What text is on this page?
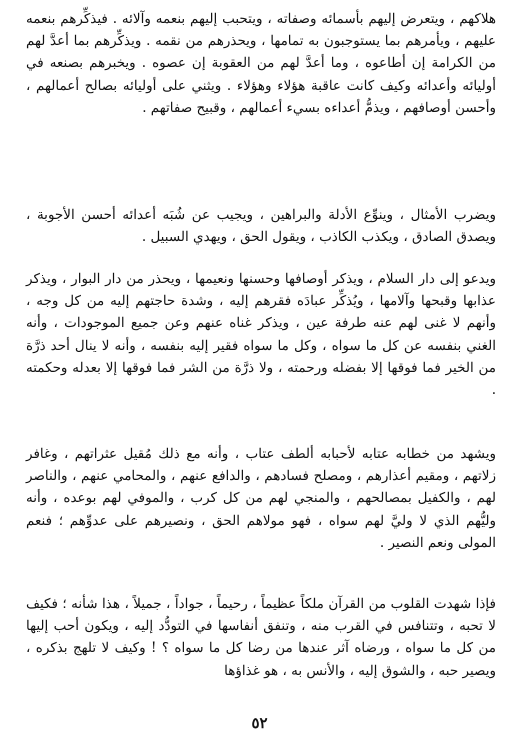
هلاكهم ، ويتعرض إليهم بأسمائه وصفاته ، ويتحبب إليهم بنعمه وآلائه . فيذكِّرهم بنعمه عليهم ، ويأمرهم بما يستوجبون به تمامها ، ويحذرهم من نقمه . ويذكِّرهم بما أعدَّ لهم من الكرامة إن أطاعوه ، وما أعدَّ لهم من العقوبة إن عصوه . ويخبرهم بصنعه في أوليائه وأعدائه وكيف كانت عاقبة هؤلاء وهؤلاء . ويثني على أوليائه بصالح أعمالهم ، وأحسن أوصافهم ، ويذمُّ أعداءه بسيء أعمالهم ، وقبيح صفاتهم .

ويضرب الأمثال ، وينوِّع الأدلة والبراهين ، ويجيب عن شُبَه أعدائه أحسن الأجوبة ، ويصدق الصادق ، ويكذب الكاذب ، ويقول الحق ، ويهدي السبيل .

ويدعو إلى دار السلام ، ويذكر أوصافها وحسنها ونعيمها ، ويحذر من دار البوار ، ويذكر عذابها وقبحها وآلامها ، ويُذكِّر عبادَه فقرهم إليه ، وشدة حاجتهم إليه من كل وجه ، وأنهم لا غنى لهم عنه طرفة عين ، ويذكر غناه عنهم وعن جميع الموجودات ، وأنه الغني بنفسه عن كل ما سواه ، وكل ما سواه فقير إليه بنفسه ، وأنه لا ينال أحد ذرَّة من الخير فما فوقها إلا بفضله ورحمته ، ولا ذرَّة من الشر فما فوقها إلا بعدله وحكمته .

ويشهد من خطابه عتابه لأحبابه ألطف عتاب ، وأنه مع ذلك مُقيل عثراتهم ، وغافر زلاتهم ، ومقيم أعذارهم ، ومصلح فسادهم ، والدافع عنهم ، والمحامي عنهم ، والناصر لهم ، والكفيل بمصالحهم ، والمنجي لهم من كل كرب ، والموفي لهم بوعده ، وأنه وليُّهم الذي لا وليَّ لهم سواه ، فهو مولاهم الحق ، ونصيرهم على عدوِّهم ؛ فنعم المولى ونعم النصير .

فإذا شهدت القلوب من القرآن ملكاً عظيماً ، رحيماً ، جواداً ، جميلاً ، هذا شأنه ؛ فكيف لا تحبه ، وتتنافس في القرب منه ، وتنفق أنفاسها في التودُّد إليه ، ويكون أحب إليها من كل ما سواه ، ورضاه آثر عندها من رضا كل ما سواه ؟ ! وكيف لا تلهج بذكره ، ويصير حبه ، والشوق إليه ، والأنس به ، هو غذاؤها

٥٢
